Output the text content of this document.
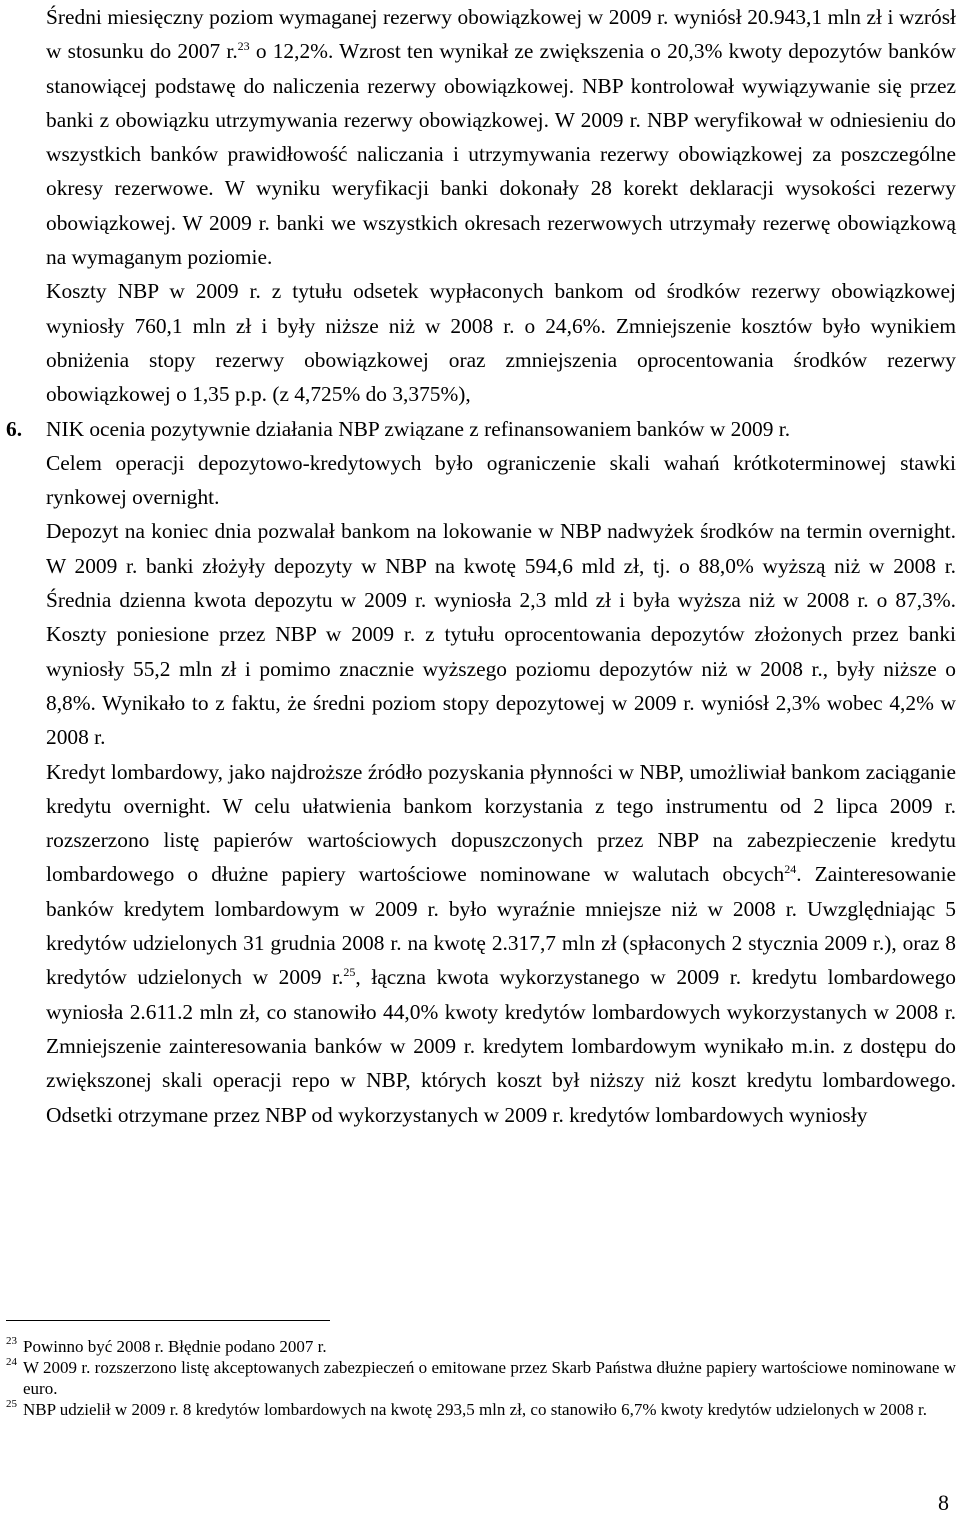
Średni miesięczny poziom wymaganej rezerwy obowiązkowej w 2009 r. wyniósł 20.943,1 mln zł i wzrósł w stosunku do 2007 r.$^{23}$ o 12,2%. Wzrost ten wynikał ze zwiększenia o 20,3% kwoty depozytów banków stanowiącej podstawę do naliczenia rezerwy obowiązkowej. NBP kontrolował wywiązywanie się przez banki z obowiązku utrzymywania rezerwy obowiązkowej. W 2009 r. NBP weryfikował w odniesieniu do wszystkich banków prawidłowość naliczania i utrzymywania rezerwy obowiązkowej za poszczególne okresy rezerwowe. W wyniku weryfikacji banki dokonały 28 korekt deklaracji wysokości rezerwy obowiązkowej. W 2009 r. banki we wszystkich okresach rezerwowych utrzymały rezerwę obowiązkową na wymaganym poziomie.

Koszty NBP w 2009 r. z tytułu odsetek wypłaconych bankom od środków rezerwy obowiązkowej wyniosły 760,1 mln zł i były niższe niż w 2008 r. o 24,6%. Zmniejszenie kosztów było wynikiem obniżenia stopy rezerwy obowiązkowej oraz zmniejszenia oprocentowania środków rezerwy obowiązkowej o 1,35 p.p. (z 4,725% do 3,375%),

6. NIK ocenia pozytywnie działania NBP związane z refinansowaniem banków w 2009 r.

Celem operacji depozytowo-kredytowych było ograniczenie skali wahań krótkoterminowej stawki rynkowej overnight.

Depozyt na koniec dnia pozwalał bankom na lokowanie w NBP nadwyżek środków na termin overnight. W 2009 r. banki złożyły depozyty w NBP na kwotę 594,6 mld zł, tj. o 88,0% wyższą niż w 2008 r. Średnia dzienna kwota depozytu w 2009 r. wyniosła 2,3 mld zł i była wyższa niż w 2008 r. o 87,3%. Koszty poniesione przez NBP w 2009 r. z tytułu oprocentowania depozytów złożonych przez banki wyniosły 55,2 mln zł i pomimo znacznie wyższego poziomu depozytów niż w 2008 r., były niższe o 8,8%. Wynikało to z faktu, że średni poziom stopy depozytowej w 2009 r. wyniósł 2,3% wobec 4,2% w 2008 r.

Kredyt lombardowy, jako najdroższe źródło pozyskania płynności w NBP, umożliwiał bankom zaciąganie kredytu overnight. W celu ułatwienia bankom korzystania z tego instrumentu od 2 lipca 2009 r. rozszerzono listę papierów wartościowych dopuszczonych przez NBP na zabezpieczenie kredytu lombardowego o dłużne papiery wartościowe nominowane w walutach obcych$^{24}$. Zainteresowanie banków kredytem lombardowym w 2009 r. było wyraźnie mniejsze niż w 2008 r. Uwzględniając 5 kredytów udzielonych 31 grudnia 2008 r. na kwotę 2.317,7 mln zł (spłaconych 2 stycznia 2009 r.), oraz 8 kredytów udzielonych w 2009 r.$^{25}$, łączna kwota wykorzystanego w 2009 r. kredytu lombardowego wyniosła 2.611.2 mln zł, co stanowiło 44,0% kwoty kredytów lombardowych wykorzystanych w 2008 r. Zmniejszenie zainteresowania banków w 2009 r. kredytem lombardowym wynikało m.in. z dostępu do zwiększonej skali operacji repo w NBP, których koszt był niższy niż koszt kredytu lombardowego. Odsetki otrzymane przez NBP od wykorzystanych w 2009 r. kredytów lombardowych wyniosły

23 Powinno być 2008 r. Błędnie podano 2007 r.

24 W 2009 r. rozszerzono listę akceptowanych zabezpieczeń o emitowane przez Skarb Państwa dłużne papiery wartościowe nominowane w euro.

25 NBP udzielił w 2009 r. 8 kredytów lombardowych na kwotę 293,5 mln zł, co stanowiło 6,7% kwoty kredytów udzielonych w 2008 r.

8
